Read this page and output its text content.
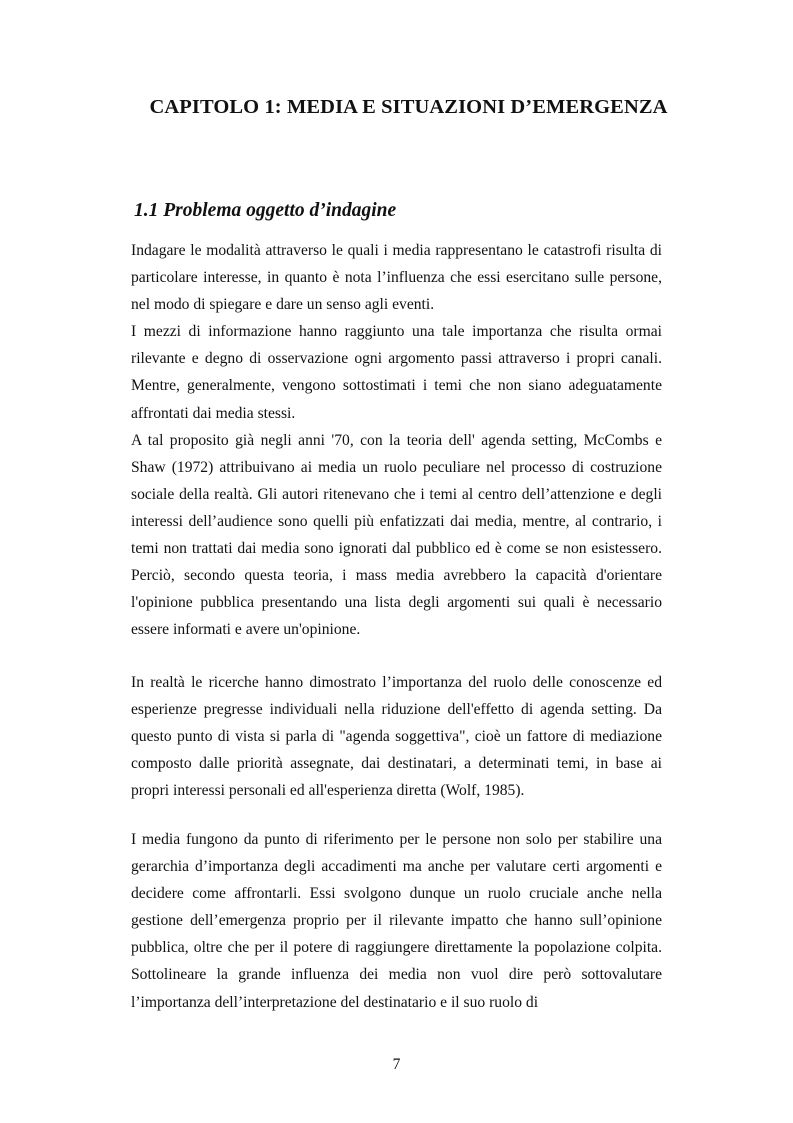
CAPITOLO 1: MEDIA E SITUAZIONI D’EMERGENZA
1.1 Problema oggetto d’indagine

Indagare le modalità attraverso le quali i media rappresentano le catastrofi risulta di particolare interesse, in quanto è nota l’influenza che essi esercitano sulle persone, nel modo di spiegare e dare un senso agli eventi.

I mezzi di informazione hanno raggiunto una tale importanza che risulta ormai rilevante e degno di osservazione ogni argomento passi attraverso i propri canali. Mentre, generalmente, vengono sottostimati i temi che non siano adeguatamente affrontati dai media stessi.

A tal proposito già negli anni '70, con la teoria dell' agenda setting, McCombs e Shaw (1972) attribuivano ai media un ruolo peculiare nel processo di costruzione sociale della realtà. Gli autori ritenevano che i temi al centro dell’attenzione e degli interessi dell’audience sono quelli più enfatizzati dai media, mentre, al contrario, i temi non trattati dai media sono ignorati dal pubblico ed è come se non esistessero. Perciò, secondo questa teoria, i mass media avrebbero la capacità d'orientare l'opinione pubblica presentando una lista degli argomenti sui quali è necessario essere informati e avere un'opinione.

In realtà le ricerche hanno dimostrato l’importanza del ruolo delle conoscenze ed esperienze pregresse individuali nella riduzione dell'effetto di agenda setting. Da questo punto di vista si parla di "agenda soggettiva", cioè un fattore di mediazione composto dalle priorità assegnate, dai destinatari, a determinati temi, in base ai propri interessi personali ed all'esperienza diretta (Wolf, 1985).

I media fungono da punto di riferimento per le persone non solo per stabilire una gerarchia d’importanza degli accadimenti ma anche per valutare certi argomenti e decidere come affrontarli. Essi svolgono dunque un ruolo cruciale anche nella gestione dell’emergenza proprio per il rilevante impatto che hanno sull’opinione pubblica, oltre che per il potere di raggiungere direttamente la popolazione colpita. Sottolineare la grande influenza dei media non vuol dire però sottovalutare l’importanza dell’interpretazione del destinatario e il suo ruolo di

7
